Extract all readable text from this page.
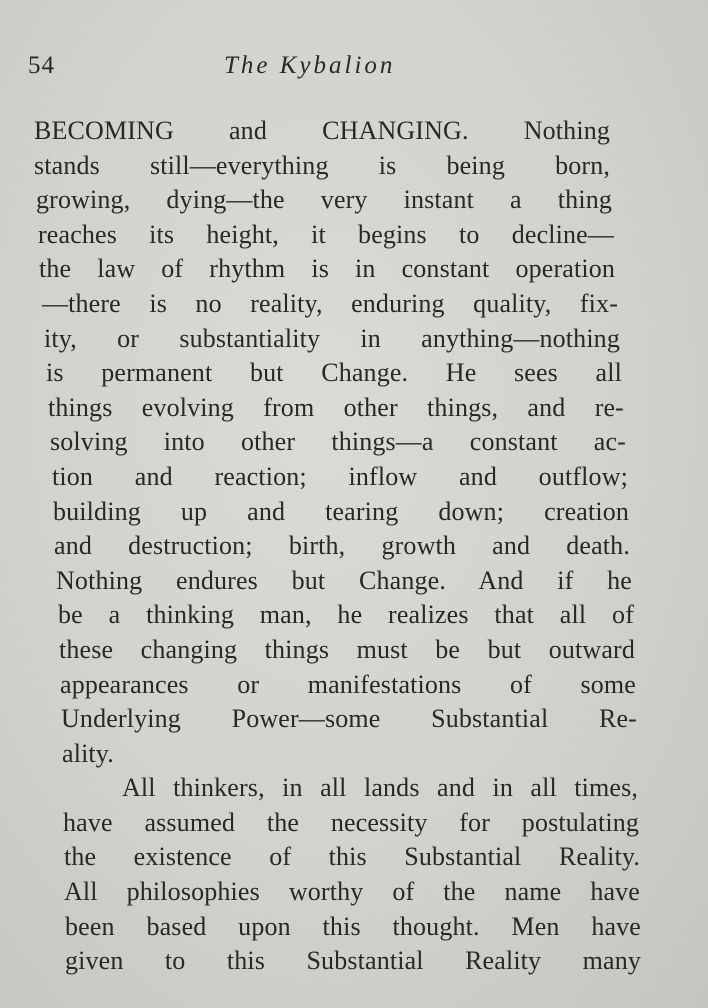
54	The Kybalion
BECOMING and CHANGING. Nothing
stands still—everything is being born,
growing, dying—the very instant a thing
reaches its height, it begins to decline—
the law of rhythm is in constant operation
—there is no reality, enduring quality, fix-
ity, or substantiality in anything—nothing
is permanent but Change. He sees all
things evolving from other things, and re-
solving into other things—a constant ac-
tion and reaction; inflow and outflow;
building up and tearing down; creation
and destruction; birth, growth and death.
Nothing endures but Change. And if he
be a thinking man, he realizes that all of
these changing things must be but outward
appearances or manifestations of some
Underlying Power—some Substantial Re-
ality.
All thinkers, in all lands and in all times,
have assumed the necessity for postulating
the existence of this Substantial Reality.
All philosophies worthy of the name have
been based upon this thought. Men have
given to this Substantial Reality many
